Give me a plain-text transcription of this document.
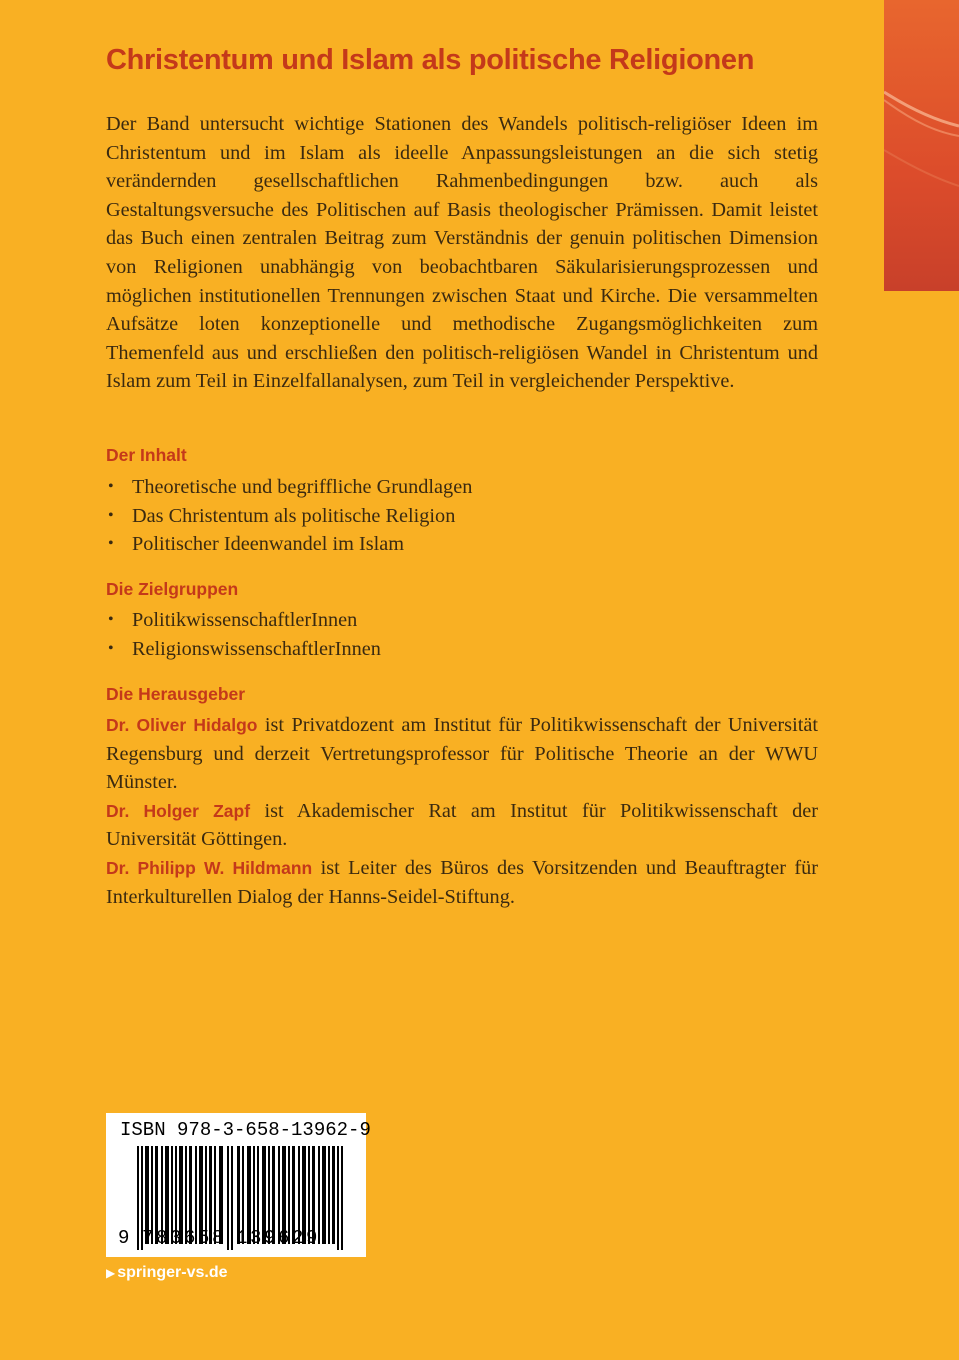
Christentum und Islam als politische Religionen

Der Band untersucht wichtige Stationen des Wandels politisch-religiöser Ideen im Christentum und im Islam als ideelle Anpassungsleistungen an die sich stetig verändernden gesellschaftlichen Rahmenbedingungen bzw. auch als Gestaltungsversuche des Politischen auf Basis theologischer Prämissen. Damit leistet das Buch einen zentralen Beitrag zum Verständnis der genuin politischen Dimension von Religionen unabhängig von beobachtbaren Säkularisierungsprozessen und möglichen institutionellen Trennungen zwischen Staat und Kirche. Die versammelten Aufsätze loten konzeptionelle und methodische Zugangsmöglichkeiten zum Themenfeld aus und erschließen den politisch-religiösen Wandel in Christentum und Islam zum Teil in Einzelfallanalysen, zum Teil in vergleichender Perspektive.

Der Inhalt
• Theoretische und begriffliche Grundlagen
• Das Christentum als politische Religion
• Politischer Ideenwandel im Islam
Die Zielgruppen
• PolitikwissenschaftlerInnen
• ReligionswissenschaftlerInnen
Die Herausgeber
Dr. Oliver Hidalgo ist Privatdozent am Institut für Politikwissenschaft der Universität Regensburg und derzeit Vertretungsprofessor für Politische Theorie an der WWU Münster.
Dr. Holger Zapf ist Akademischer Rat am Institut für Politikwissenschaft der Universität Göttingen.
Dr. Philipp W. Hildmann ist Leiter des Büros des Vorsitzenden und Beauftragter für Interkulturellen Dialog der Hanns-Seidel-Stiftung.
ISBN 978-3-658-13962-9
9 7 8 3 6 5 8 1 3 9 6 2 9

▶ springer-vs.de
